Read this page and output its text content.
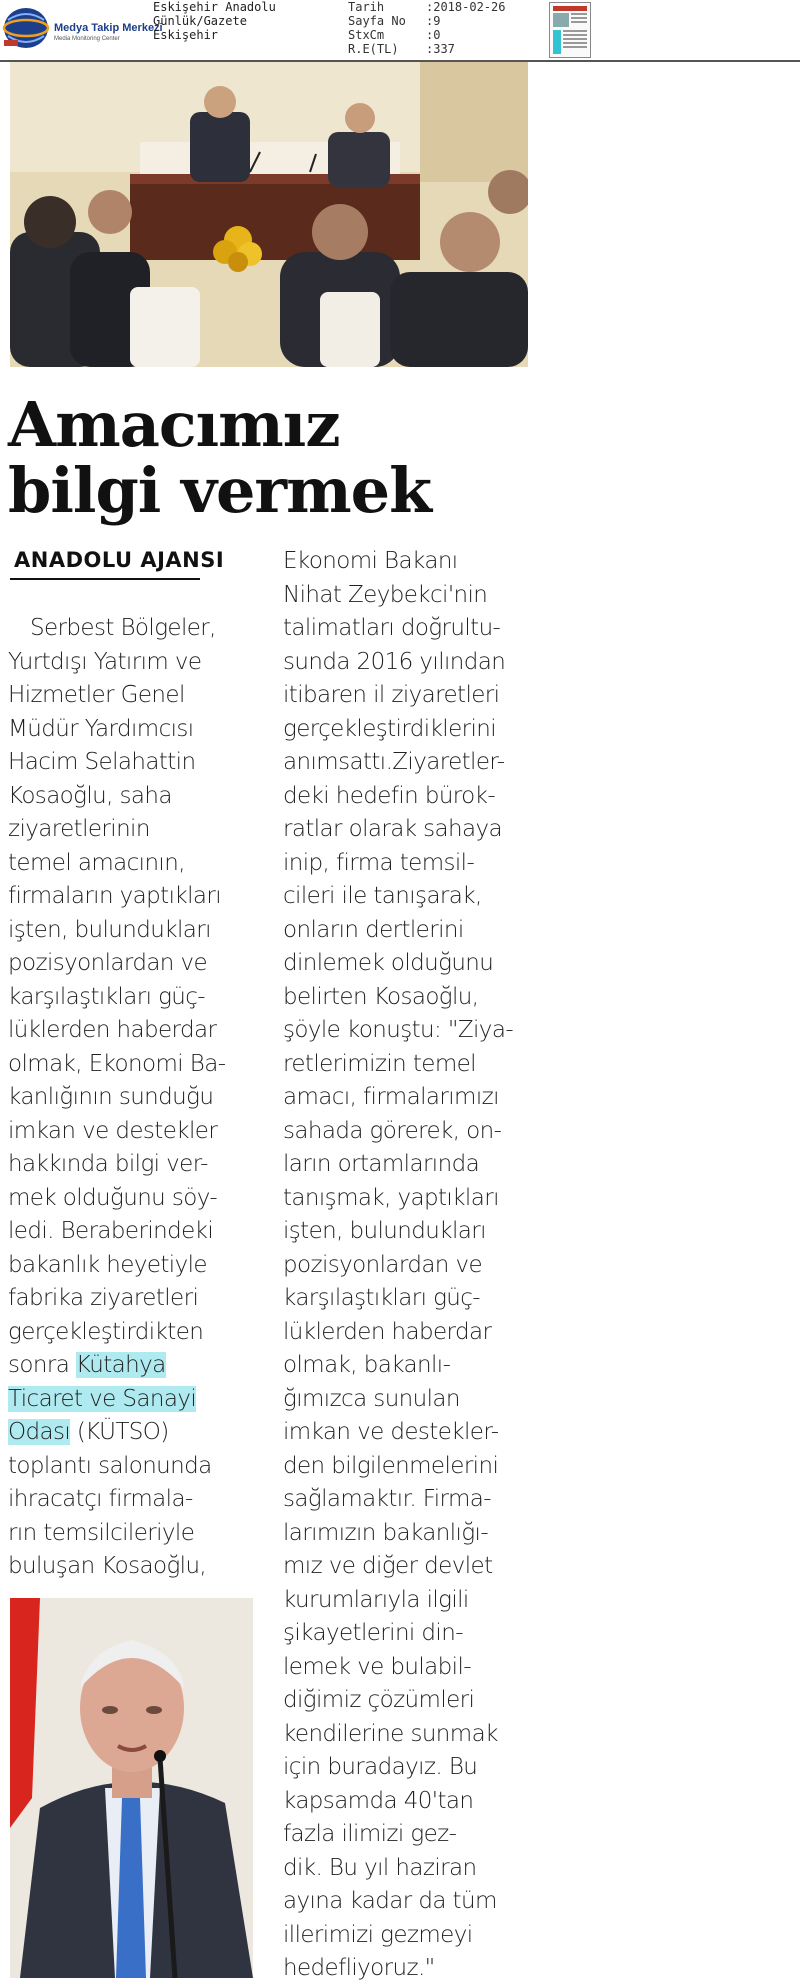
Medya Takip Merkezi
Media Monitoring Center
Eskişehir Anadolu
Günlük/Gazete
Eskişehir
Tarih	:2018-02-26
Sayfa No	:9
StxCm	:0
R.E(TL)	:337
Amacımız
bilgi vermek
ANADOLU AJANSI
Serbest Bölgeler,
Yurtdışı Yatırım ve
Hizmetler Genel
Müdür Yardımcısı
Hacim Selahattin
Kosaoğlu, saha
ziyaretlerinin
temel amacının,
firmaların yaptıkları
işten, bulundukları
pozisyonlardan ve
karşılaştıkları güç-
lüklerden haberdar
olmak, Ekonomi Ba-
kanlığının sunduğu
imkan ve destekler
hakkında bilgi ver-
mek olduğunu söy-
ledi. Beraberindeki
bakanlık heyetiyle
fabrika ziyaretleri
gerçekleştirdikten
sonra Kütahya
Ticaret ve Sanayi
Odası (KÜTSO)
toplantı salonunda
ihracatçı firmala-
rın temsilcileriyle
buluşan Kosaoğlu,
Ekonomi Bakanı
Nihat Zeybekci'nin
talimatları doğrultu-
sunda 2016 yılından
itibaren il ziyaretleri
gerçekleştirdiklerini
anımsattı.Ziyaretler-
deki hedefin bürok-
ratlar olarak sahaya
inip, firma temsil-
cileri ile tanışarak,
onların dertlerini
dinlemek olduğunu
belirten Kosaoğlu,
şöyle konuştu: "Ziya-
retlerimizin temel
amacı, firmalarımızı
sahada görerek, on-
ların ortamlarında
tanışmak, yaptıkları
işten, bulundukları
pozisyonlardan ve
karşılaştıkları güç-
lüklerden haberdar
olmak, bakanlı-
ğımızca sunulan
imkan ve destekler-
den bilgilenmelerini
sağlamaktır. Firma-
larımızın bakanlığı-
mız ve diğer devlet
kurumlarıyla ilgili
şikayetlerini din-
lemek ve bulabil-
diğimiz çözümleri
kendilerine sunmak
için buradayız. Bu
kapsamda 40'tan
fazla ilimizi gez-
dik. Bu yıl haziran
ayına kadar da tüm
illerimizi gezmeyi
hedefliyoruz."
